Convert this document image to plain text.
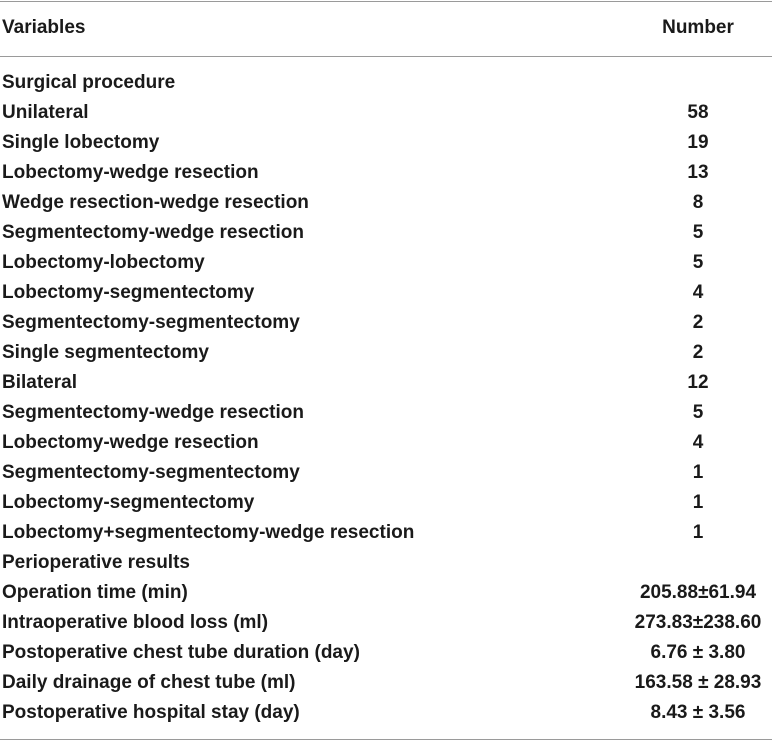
Variables	Number
Surgical procedure
Unilateral	58
Single lobectomy	19
Lobectomy-wedge resection	13
Wedge resection-wedge resection	8
Segmentectomy-wedge resection	5
Lobectomy-lobectomy	5
Lobectomy-segmentectomy	4
Segmentectomy-segmentectomy	2
Single segmentectomy	2
Bilateral	12
Segmentectomy-wedge resection	5
Lobectomy-wedge resection	4
Segmentectomy-segmentectomy	1
Lobectomy-segmentectomy	1
Lobectomy+segmentectomy-wedge resection	1
Perioperative results
Operation time (min)	205.88±61.94
Intraoperative blood loss (ml)	273.83±238.60
Postoperative chest tube duration (day)	6.76 ± 3.80
Daily drainage of chest tube (ml)	163.58 ± 28.93
Postoperative hospital stay (day)	8.43 ± 3.56
